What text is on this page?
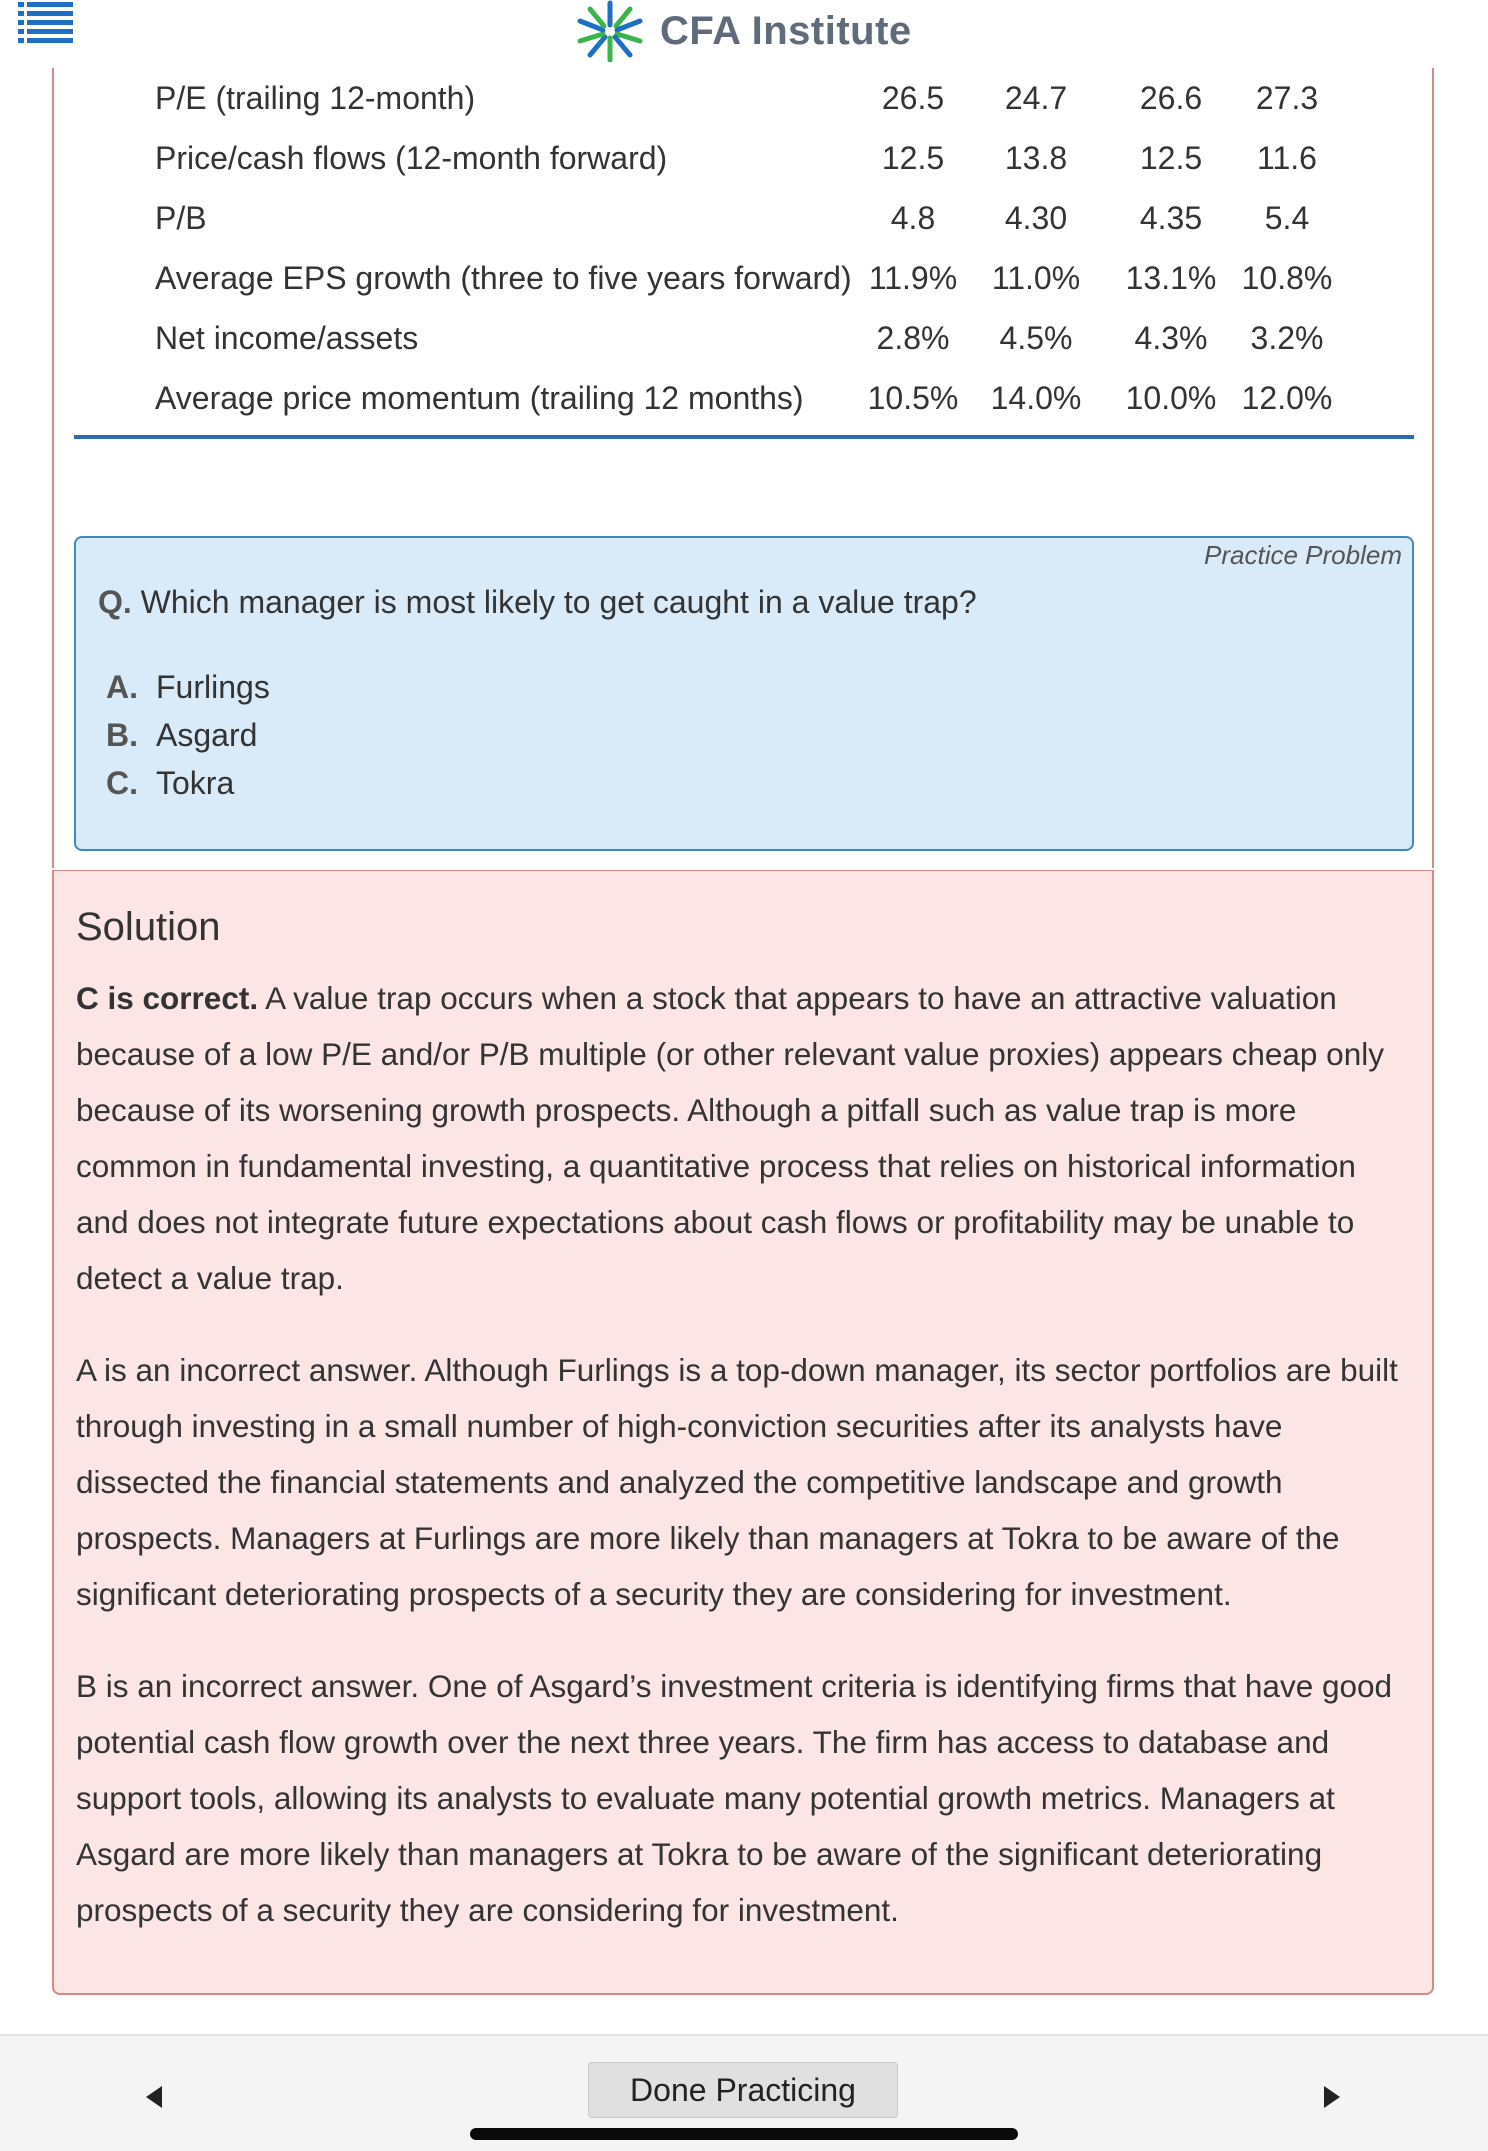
CFA Institute
P/E (trailing 12-month)	26.5	24.7	26.6	27.3
Price/cash flows (12-month forward)	12.5	13.8	12.5	11.6
P/B	4.8	4.30	4.35	5.4
Average EPS growth (three to five years forward) 11.9%	11.0%	13.1% 10.8%
Net income/assets	2.8%	4.5%	4.3%	3.2%
Average price momentum (trailing 12 months)	10.5%	14.0%	10.0% 12.0%
Practice Problem
Q. Which manager is most likely to get caught in a value trap?
A. Furlings
B. Asgard
C. Tokra
Solution

C is correct. A value trap occurs when a stock that appears to have an attractive valuation because of a low P/E and/or P/B multiple (or other relevant value proxies) appears cheap only because of its worsening growth prospects. Although a pitfall such as value trap is more common in fundamental investing, a quantitative process that relies on historical information and does not integrate future expectations about cash flows or profitability may be unable to detect a value trap.

A is an incorrect answer. Although Furlings is a top-down manager, its sector portfolios are built through investing in a small number of high-conviction securities after its analysts have dissected the financial statements and analyzed the competitive landscape and growth prospects. Managers at Furlings are more likely than managers at Tokra to be aware of the significant deteriorating prospects of a security they are considering for investment.

B is an incorrect answer. One of Asgard’s investment criteria is identifying firms that have good potential cash flow growth over the next three years. The firm has access to database and support tools, allowing its analysts to evaluate many potential growth metrics. Managers at Asgard are more likely than managers at Tokra to be aware of the significant deteriorating prospects of a security they are considering for investment.

Done Practicing
